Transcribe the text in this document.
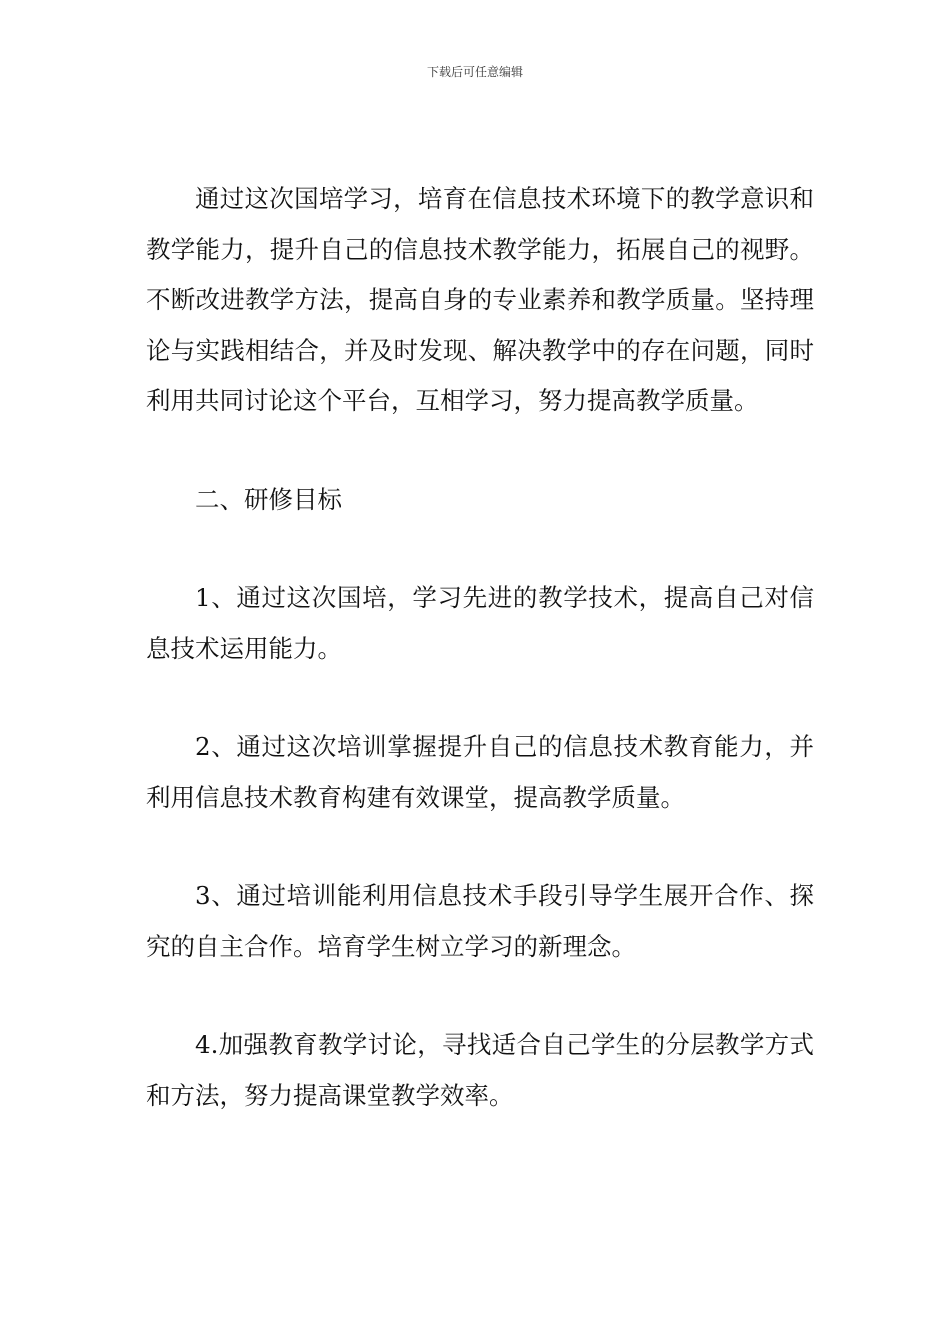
下载后可任意编辑

通过这次国培学习，培育在信息技术环境下的教学意识和教学能力，提升自己的信息技术教学能力，拓展自己的视野。不断改进教学方法，提高自身的专业素养和教学质量。坚持理论与实践相结合，并及时发现、解决教学中的存在问题，同时利用共同讨论这个平台，互相学习，努力提高教学质量。

二、研修目标

1、通过这次国培，学习先进的教学技术，提高自己对信息技术运用能力。

2、通过这次培训掌握提升自己的信息技术教育能力，并利用信息技术教育构建有效课堂，提高教学质量。

3、通过培训能利用信息技术手段引导学生展开合作、探究的自主合作。培育学生树立学习的新理念。

4.加强教育教学讨论，寻找适合自己学生的分层教学方式和方法，努力提高课堂教学效率。
